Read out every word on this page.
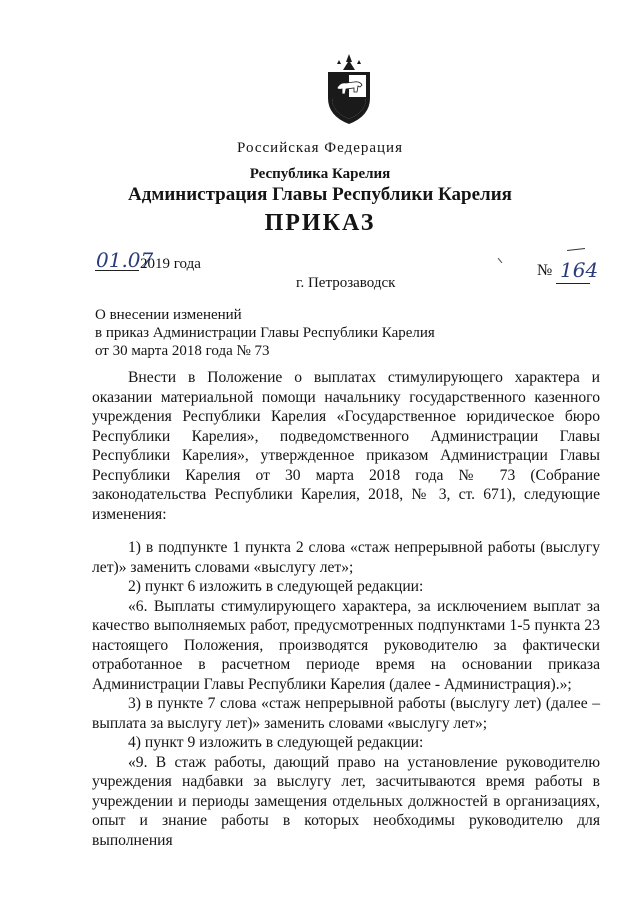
Российская Федерация
Республика Карелия
Администрация Главы Республики Карелия
ПРИКАЗ
01.07
2019 года
г. Петрозаводск
№ 164
О внесении изменений
в приказ Администрации Главы Республики Карелия
от 30 марта 2018 года № 73

Внести в Положение о выплатах стимулирующего характера и оказании материальной помощи начальнику государственного казенного учреждения Республики Карелия «Государственное юридическое бюро Республики Карелия», подведомственного Администрации Главы Республики Карелия», утвержденное приказом Администрации Главы Республики Карелия от 30 марта 2018 года № 73 (Собрание законодательства Республики Карелия, 2018, № 3, ст. 671), следующие изменения:

1) в подпункте 1 пункта 2 слова «стаж непрерывной работы (выслугу лет)» заменить словами «выслугу лет»;

2) пункт 6 изложить в следующей редакции:

«6. Выплаты стимулирующего характера, за исключением выплат за качество выполняемых работ, предусмотренных подпунктами 1-5 пункта 23 настоящего Положения, производятся руководителю за фактически отработанное в расчетном периоде время на основании приказа Администрации Главы Республики Карелия (далее - Администрация).»;

3) в пункте 7 слова «стаж непрерывной работы (выслугу лет) (далее – выплата за выслугу лет)» заменить словами «выслугу лет»;

4) пункт 9 изложить в следующей редакции:

«9. В стаж работы, дающий право на установление руководителю учреждения надбавки за выслугу лет, засчитываются время работы в учреждении и периоды замещения отдельных должностей в организациях, опыт и знание работы в которых необходимы руководителю для выполнения
